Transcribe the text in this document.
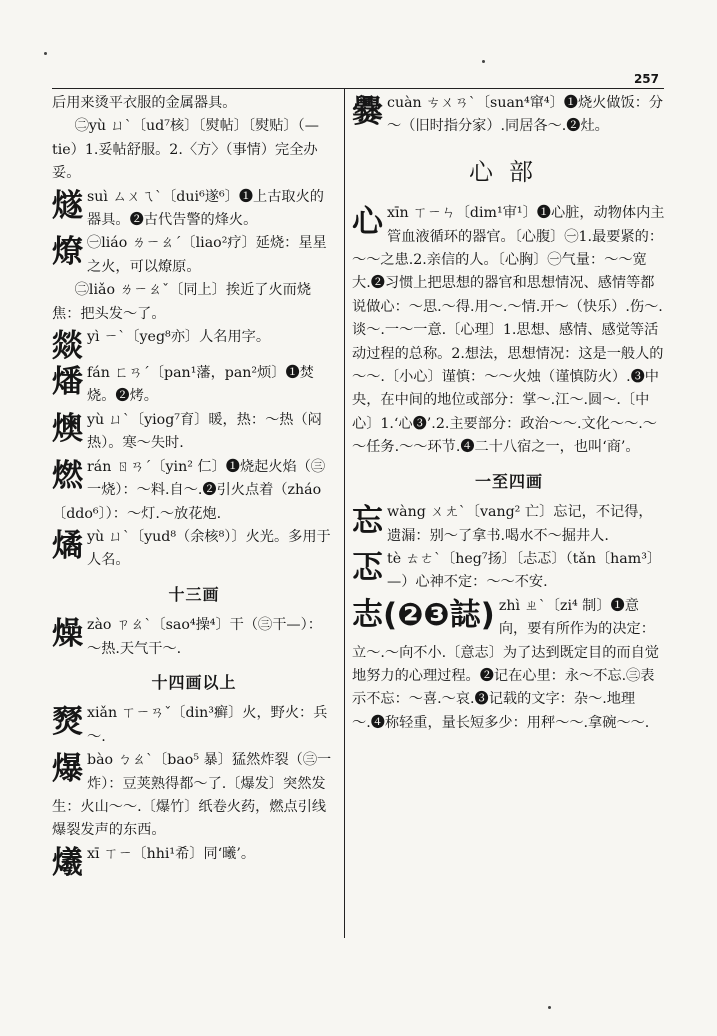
257
后用来烫平衣服的金属器具。
㊁yù ㄩˋ〔ud⁷核〕〔熨帖〕〔熨贴〕（—tie）1.妥帖舒服。2.〈方〉（事情）完全办妥。
燧suì ㄙㄨㄟˋ〔dui⁶遂⁶〕❶上古取火的器具。❷古代告警的烽火。
燎 ㊀liáo ㄌㄧㄠˊ〔liao²疗〕延烧：星星之火，可以燎原。
㊁liǎo ㄌㄧㄠˇ〔同上〕挨近了火而烧焦：把头发～了。
燚yì ㄧˋ〔yeg⁸亦〕人名用字。
燔fán ㄈㄢˊ〔pan¹藩，pan²烦〕❶焚烧。❷烤。
燠yù ㄩˋ〔yiog⁷育〕暖，热：～热（闷热）。寒～失时.
燃rán ㄖㄢˊ〔yin² 仁〕❶烧起火焰（㊂一烧）：～料.自～.❷引火点着（zháo〔ddo⁶〕）：～灯.～放花炮.
燏yù ㄩˋ〔yud⁸（余核⁸）〕火光。多用于人名。
十三画
燥 zào ㄗㄠˋ〔sao⁴操⁴〕干（㊂干—）：～热.天气干～.
十四画以上
燹xiǎn ㄒㄧㄢˇ〔din³癣〕火，野火：兵～.
爆bào ㄅㄠˋ〔bao⁵ 暴〕猛然炸裂（㊂一炸）：豆荚熟得都～了.〔爆发〕突然发生：火山～～.〔爆竹〕纸卷火药，燃点引线爆裂发声的东西。
爔xī ㄒㄧ〔hhi¹希〕同‘曦’。
爨cuàn ㄘㄨㄢˋ〔suan⁴窜⁴〕❶烧火做饭：分～（旧时指分家）.同居各～.❷灶。
心部
心xīn ㄒㄧㄣ〔dim¹审¹〕❶心脏，动物体内主管血液循环的器官。〔心腹〕㊀1.最要紧的：～～之患.2.亲信的人。〔心胸〕㊀气量：～～宽大.❷习惯上把思想的器官和思想情况、感情等都说做心：～思.～得.用～.～情.开～（快乐）.伤～.谈～.一～一意.〔心理〕1.思想、感情、感觉等活动过程的总称。2.想法，思想情况：这是一般人的～～.〔小心〕谨慎：～～火烛（谨慎防火）.❸中央，在中间的地位或部分：掌～.江～.圆～.〔中心〕1.‘心❸’.2.主要部分：政治～～.文化～～.～～任务.～～环节.❹二十八宿之一，也叫‘商’。
一至四画
忘wàng ㄨㄤˋ〔vang² 亡〕忘记，不记得，遗漏：别～了拿书.喝水不～掘井人.
忑tè ㄊㄜˋ〔heg⁷扬〕〔忐忑〕（tǎn〔ham³〕—）心神不定：～～不安.
志(❷❸誌) zhì ㄓˋ〔zi⁴ 制〕❶意向，要有所作为的决定：立～.～向不小.〔意志〕为了达到既定目的而自觉地努力的心理过程。❷记在心里：永～不忘.㊂表示不忘：～喜.～哀.❸记载的文字：杂～.地理～.❹称轻重，量长短多少：用秤～～.拿碗～～.
